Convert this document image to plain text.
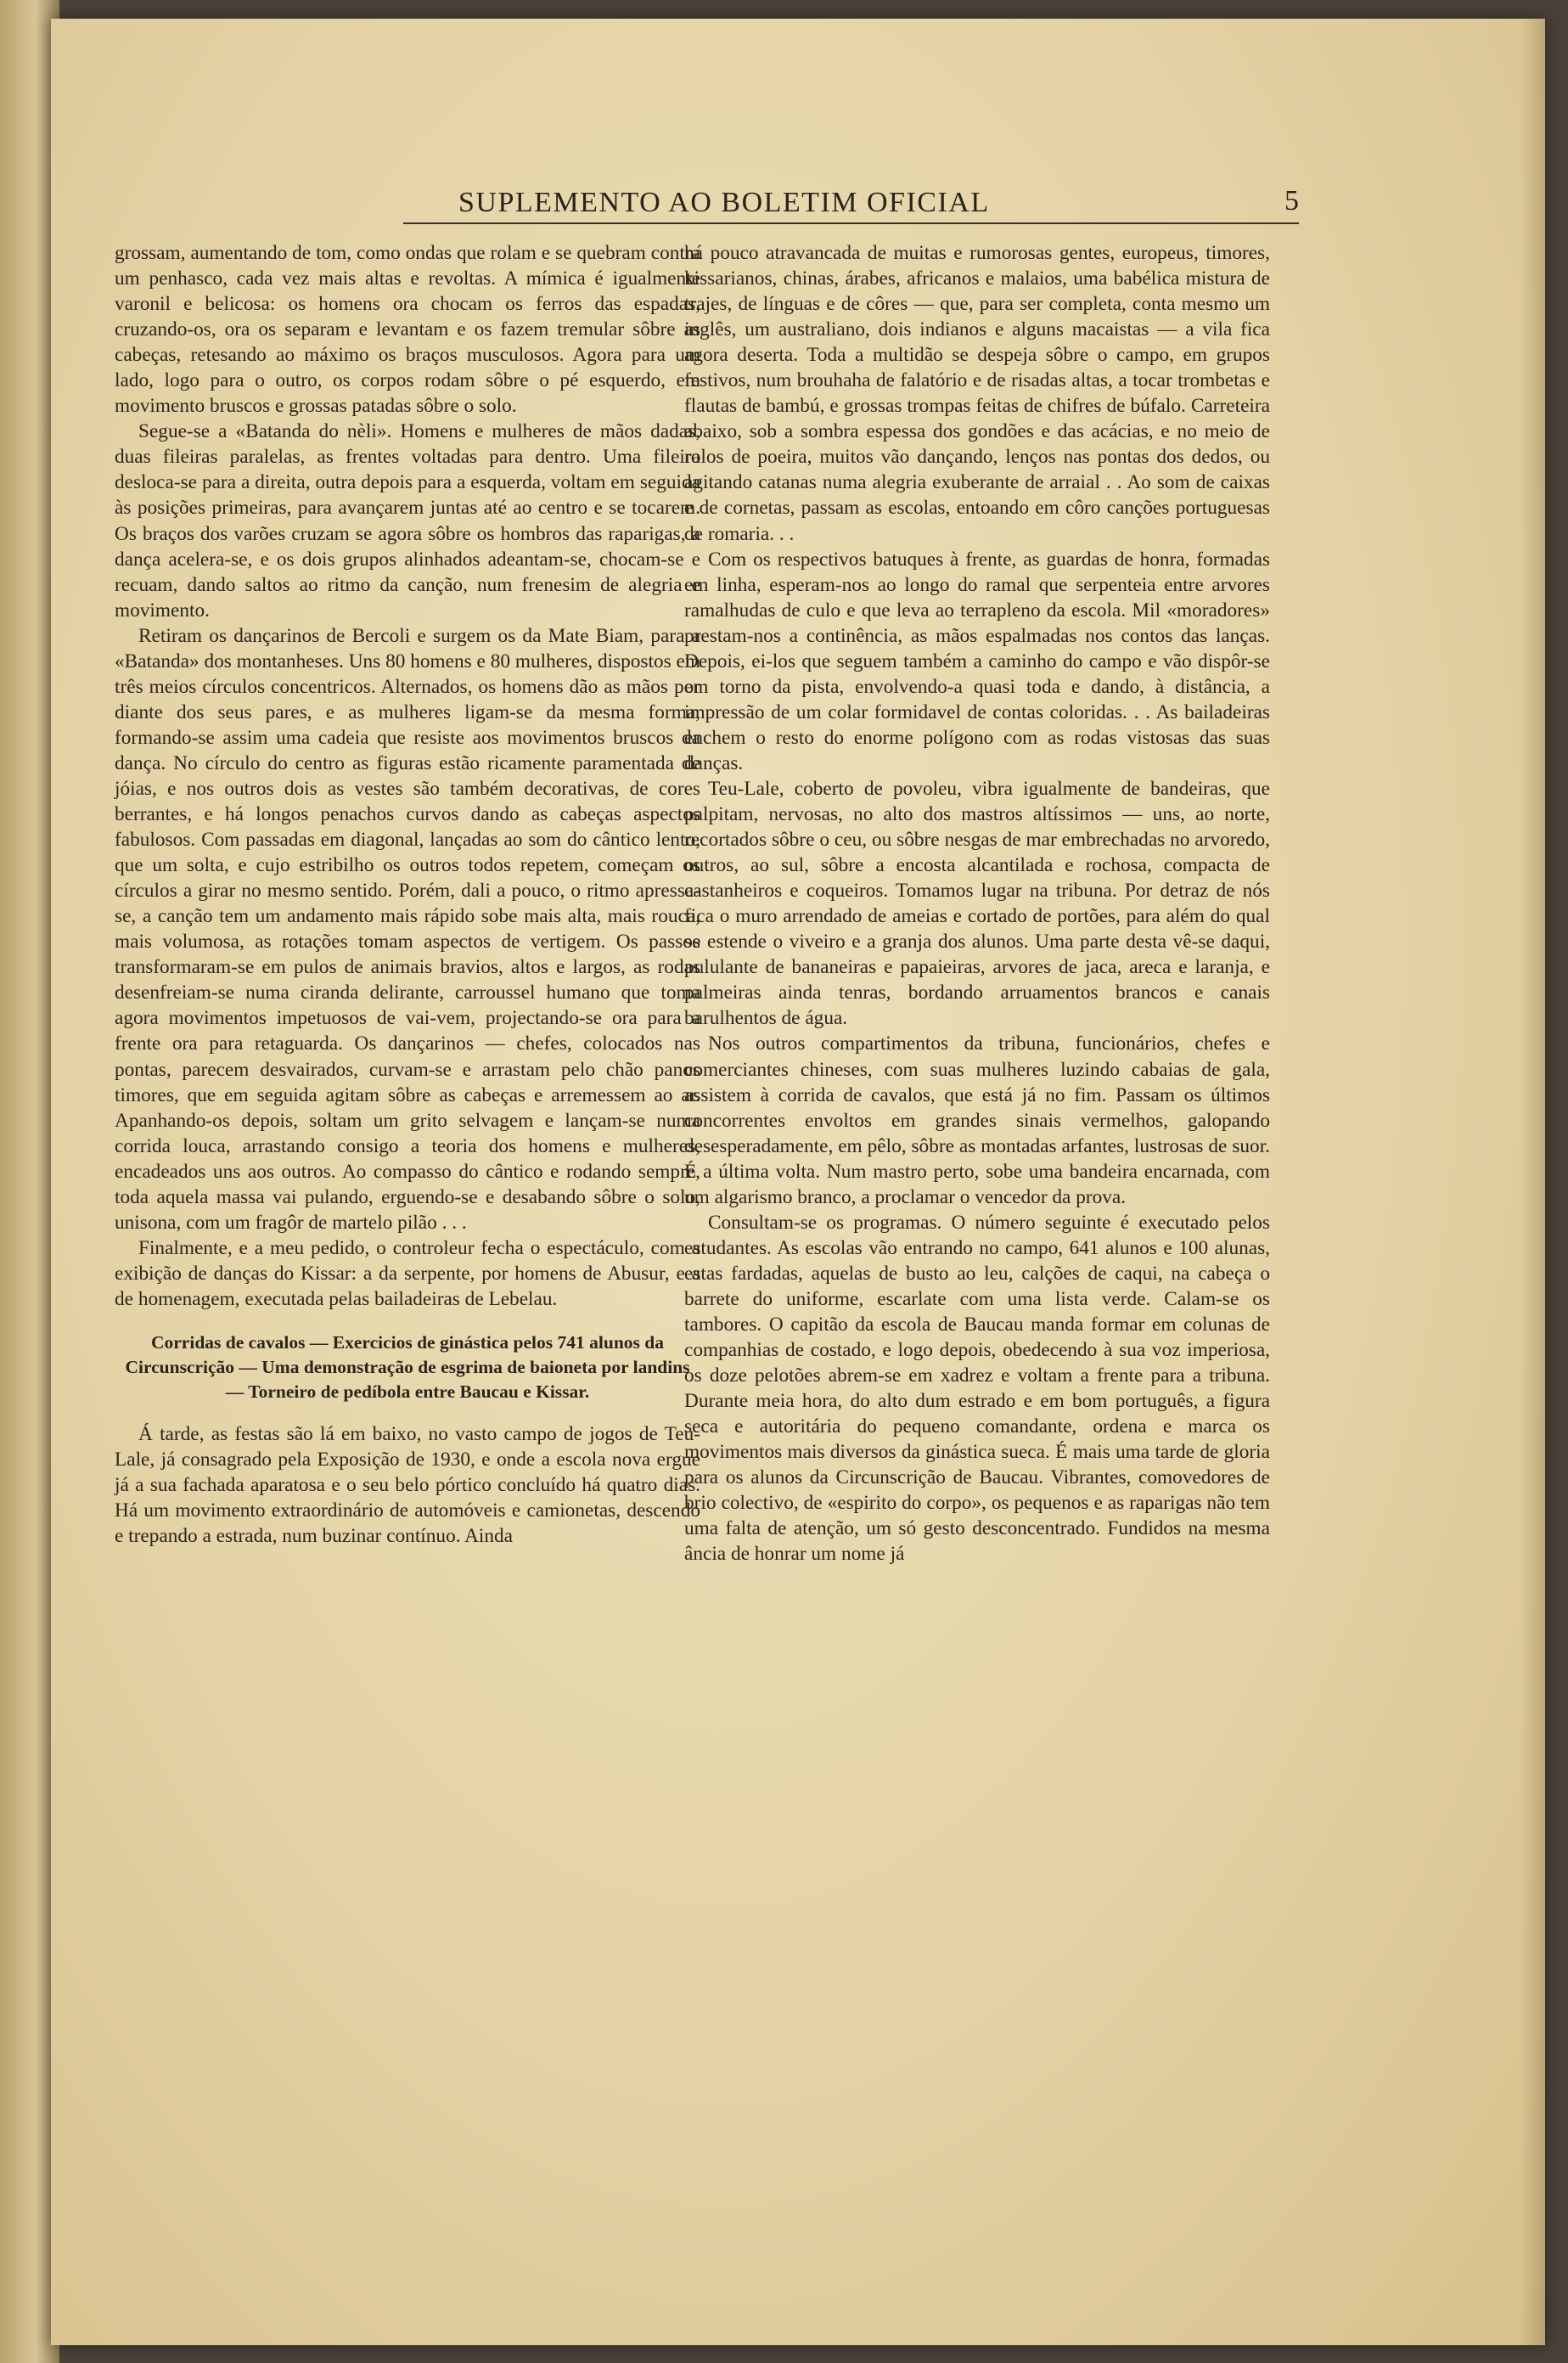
SUPLEMENTO AO BOLETIM OFICIAL	5

grossam, aumentando de tom, como ondas que rolam e se quebram contra um penhasco, cada vez mais altas e revoltas. A mímica é igualmente varonil e belicosa: os homens ora chocam os ferros das espadas, cruzando-os, ora os separam e levantam e os fazem tremular sôbre as cabeças, retesando ao máximo os braços musculosos. Agora para um lado, logo para o outro, os corpos rodam sôbre o pé esquerdo, em movimento bruscos e grossas patadas sôbre o solo.

Segue-se a «Batanda do nèli». Homens e mulheres de mãos dadas, duas fileiras paralelas, as frentes voltadas para dentro. Uma fileira desloca-se para a direita, outra depois para a esquerda, voltam em seguida às posições primeiras, para avançarem juntas até ao centro e se tocarem. Os braços dos varões cruzam se agora sôbre os hombros das raparigas, a dança acelera-se, e os dois grupos alinhados adeantam-se, chocam-se e recuam, dando saltos ao ritmo da canção, num frenesim de alegria e movimento.

Retiram os dançarinos de Bercoli e surgem os da Mate Biam, para a «Batanda» dos montanheses. Uns 80 homens e 80 mulheres, dispostos em três meios círculos concentricos. Alternados, os homens dão as mãos por diante dos seus pares, e as mulheres ligam-se da mesma forma, formando-se assim uma cadeia que resiste aos movimentos bruscos da dança. No círculo do centro as figuras estão ricamente paramentada de jóias, e nos outros dois as vestes são também decorativas, de cores berrantes, e há longos penachos curvos dando as cabeças aspectos fabulosos. Com passadas em diagonal, lançadas ao som do cântico lento, que um solta, e cujo estribilho os outros todos repetem, começam os círculos a girar no mesmo sentido. Porém, dali a pouco, o ritmo apressa-se, a canção tem um andamento mais rápido sobe mais alta, mais rouca, mais volumosa, as rotações tomam aspectos de vertigem. Os passos transformaram-se em pulos de animais bravios, altos e largos, as rodas desenfreiam-se numa ciranda delirante, carroussel humano que toma agora movimentos impetuosos de vai-vem, projectando-se ora para a frente ora para retaguarda. Os dançarinos — chefes, colocados nas pontas, parecem desvairados, curvam-se e arrastam pelo chão panos timores, que em seguida agitam sôbre as cabeças e arremessem ao ar. Apanhando-os depois, soltam um grito selvagem e lançam-se numa corrida louca, arrastando consigo a teoria dos homens e mulheres, encadeados uns aos outros. Ao compasso do cântico e rodando sempre, toda aquela massa vai pulando, erguendo-se e desabando sôbre o solo, unisona, com um fragôr de martelo pilão . . .

Finalmente, e a meu pedido, o controleur fecha o espectáculo, com a exibição de danças do Kissar: a da serpente, por homens de Abusur, e a de homenagem, executada pelas bailadeiras de Lebelau.

Corridas de cavalos — Exercicios de ginástica pelos 741 alunos da Circunscrição — Uma demonstração de esgrima de baioneta por landins — Torneiro de pedíbola entre Baucau e Kissar.

Á tarde, as festas são lá em baixo, no vasto campo de jogos de Teu-Lale, já consagrado pela Exposição de 1930, e onde a escola nova ergue já a sua fachada aparatosa e o seu belo pórtico concluído há quatro dias. Há um movimento extraordinário de automóveis e camionetas, descendo e trepando a estrada, num buzinar contínuo. Ainda

há pouco atravancada de muitas e rumorosas gentes, europeus, timores, kissarianos, chinas, árabes, africanos e malaios, uma babélica mistura de trajes, de línguas e de côres — que, para ser completa, conta mesmo um inglês, um australiano, dois indianos e alguns macaistas — a vila fica agora deserta. Toda a multidão se despeja sôbre o campo, em grupos festivos, num brouhaha de falatório e de risadas altas, a tocar trombetas e flautas de bambú, e grossas trompas feitas de chifres de búfalo. Carreteira abaixo, sob a sombra espessa dos gondões e das acácias, e no meio de rolos de poeira, muitos vão dançando, lenços nas pontas dos dedos, ou agitando catanas numa alegria exuberante de arraial . . Ao som de caixas e de cornetas, passam as escolas, entoando em côro canções portuguesas de romaria. . .

Com os respectivos batuques à frente, as guardas de honra, formadas em linha, esperam-nos ao longo do ramal que serpenteia entre arvores ramalhudas de culo e que leva ao terrapleno da escola. Mil «moradores» prestam-nos a continência, as mãos espalmadas nos contos das lanças. Depois, ei-los que seguem também a caminho do campo e vão dispôr-se em torno da pista, envolvendo-a quasi toda e dando, à distância, a impressão de um colar formidavel de contas coloridas. . . As bailadeiras enchem o resto do enorme polígono com as rodas vistosas das suas danças.

Teu-Lale, coberto de povoleu, vibra igualmente de bandeiras, que palpitam, nervosas, no alto dos mastros altíssimos — uns, ao norte, recortados sôbre o ceu, ou sôbre nesgas de mar embrechadas no arvoredo, outros, ao sul, sôbre a encosta alcantilada e rochosa, compacta de castanheiros e coqueiros. Tomamos lugar na tribuna. Por detraz de nós fica o muro arrendado de ameias e cortado de portões, para além do qual se estende o viveiro e a granja dos alunos. Uma parte desta vê-se daqui, pululante de bananeiras e papaieiras, arvores de jaca, areca e laranja, e palmeiras ainda tenras, bordando arruamentos brancos e canais barulhentos de água.

Nos outros compartimentos da tribuna, funcionários, chefes e comerciantes chineses, com suas mulheres luzindo cabaias de gala, assistem à corrida de cavalos, que está já no fim. Passam os últimos concorrentes envoltos em grandes sinais vermelhos, galopando desesperadamente, em pêlo, sôbre as montadas arfantes, lustrosas de suor. É a última volta. Num mastro perto, sobe uma bandeira encarnada, com um algarismo branco, a proclamar o vencedor da prova.

Consultam-se os programas. O número seguinte é executado pelos estudantes. As escolas vão entrando no campo, 641 alunos e 100 alunas, estas fardadas, aquelas de busto ao leu, calções de caqui, na cabeça o barrete do uniforme, escarlate com uma lista verde. Calam-se os tambores. O capitão da escola de Baucau manda formar em colunas de companhias de costado, e logo depois, obedecendo à sua voz imperiosa, os doze pelotões abrem-se em xadrez e voltam a frente para a tribuna. Durante meia hora, do alto dum estrado e em bom português, a figura seca e autoritária do pequeno comandante, ordena e marca os movimentos mais diversos da ginástica sueca. É mais uma tarde de gloria para os alunos da Circunscrição de Baucau. Vibrantes, comovedores de brio colectivo, de «espirito do corpo», os pequenos e as raparigas não tem uma falta de atenção, um só gesto desconcentrado. Fundidos na mesma ância de honrar um nome já
